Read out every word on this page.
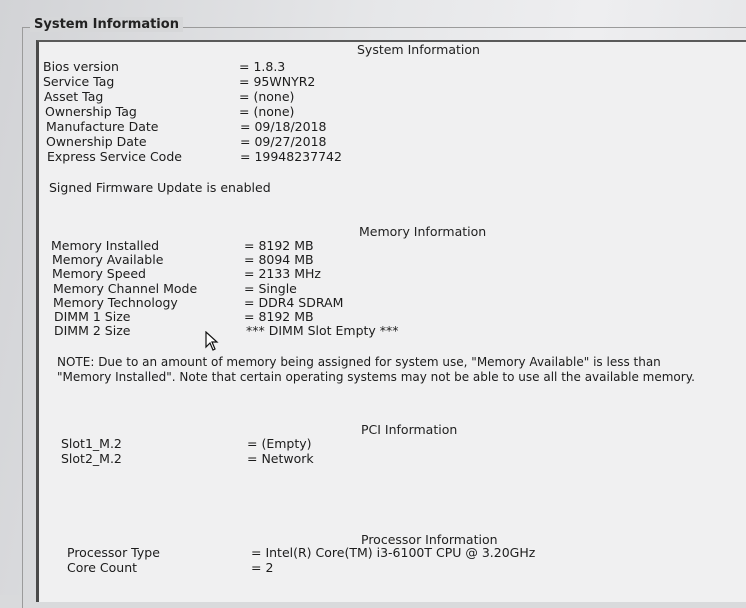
System Information
System Information
Bios version	= 1.8.3
Service Tag	= 95WNYR2
Asset Tag	= (none)
Ownership Tag	= (none)
Manufacture Date	= 09/18/2018
Ownership Date	= 09/27/2018
Express Service Code	= 19948237742
Signed Firmware Update is enabled
Memory Information
Memory Installed	= 8192 MB
Memory Available	= 8094 MB
Memory Speed	= 2133 MHz
Memory Channel Mode	= Single
Memory Technology	= DDR4 SDRAM
DIMM 1 Size	= 8192 MB
DIMM 2 Size	*** DIMM Slot Empty ***
NOTE: Due to an amount of memory being assigned for system use, "Memory Available" is less than "Memory Installed". Note that certain operating systems may not be able to use all the available memory.
PCI Information
Slot1_M.2	= (Empty)
Slot2_M.2	= Network
Processor Information
Processor Type	= Intel(R) Core(TM) i3-6100T CPU @ 3.20GHz
Core Count	= 2
